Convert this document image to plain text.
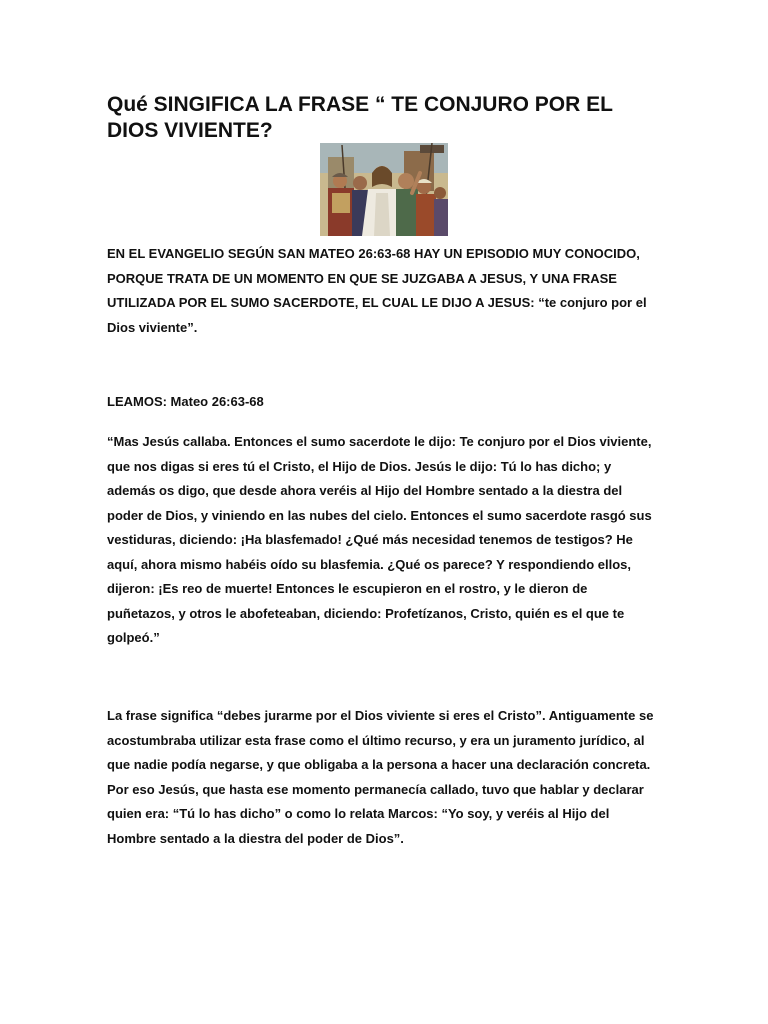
Qué SINGIFICA LA FRASE “ TE CONJURO POR EL
DIOS VIVIENTE?

EN EL EVANGELIO SEGÚN SAN MATEO 26:63-68 HAY UN EPISODIO MUY CONOCIDO,
PORQUE TRATA DE UN MOMENTO EN QUE SE JUZGABA A JESUS, Y UNA FRASE
UTILIZADA POR EL SUMO SACERDOTE, EL CUAL LE DIJO A JESUS: “te conjuro por el
Dios viviente”.

LEAMOS: Mateo 26:63-68

“Mas Jesús callaba. Entonces el sumo sacerdote le dijo: Te conjuro por el Dios viviente,
que nos digas si eres tú el Cristo, el Hijo de Dios. Jesús le dijo: Tú lo has dicho; y
además os digo, que desde ahora veréis al Hijo del Hombre sentado a la diestra del
poder de Dios, y viniendo en las nubes del cielo. Entonces el sumo sacerdote rasgó sus
vestiduras, diciendo: ¡Ha blasfemado! ¿Qué más necesidad tenemos de testigos? He
aquí, ahora mismo habéis oído su blasfemia. ¿Qué os parece? Y respondiendo ellos,
dijeron: ¡Es reo de muerte! Entonces le escupieron en el rostro, y le dieron de
puñetazos, y otros le abofeteaban, diciendo: Profetízanos, Cristo, quién es el que te
golpeó.”

La frase significa “debes jurarme por el Dios viviente si eres el Cristo”. Antiguamente se
acostumbraba utilizar esta frase como el último recurso, y era un juramento jurídico, al
que nadie podía negarse, y que obligaba a la persona a hacer una declaración concreta.
Por eso Jesús, que hasta ese momento permanecía callado, tuvo que hablar y declarar
quien era: “Tú lo has dicho” o como lo relata Marcos: “Yo soy, y veréis al Hijo del
Hombre sentado a la diestra del poder de Dios”.
